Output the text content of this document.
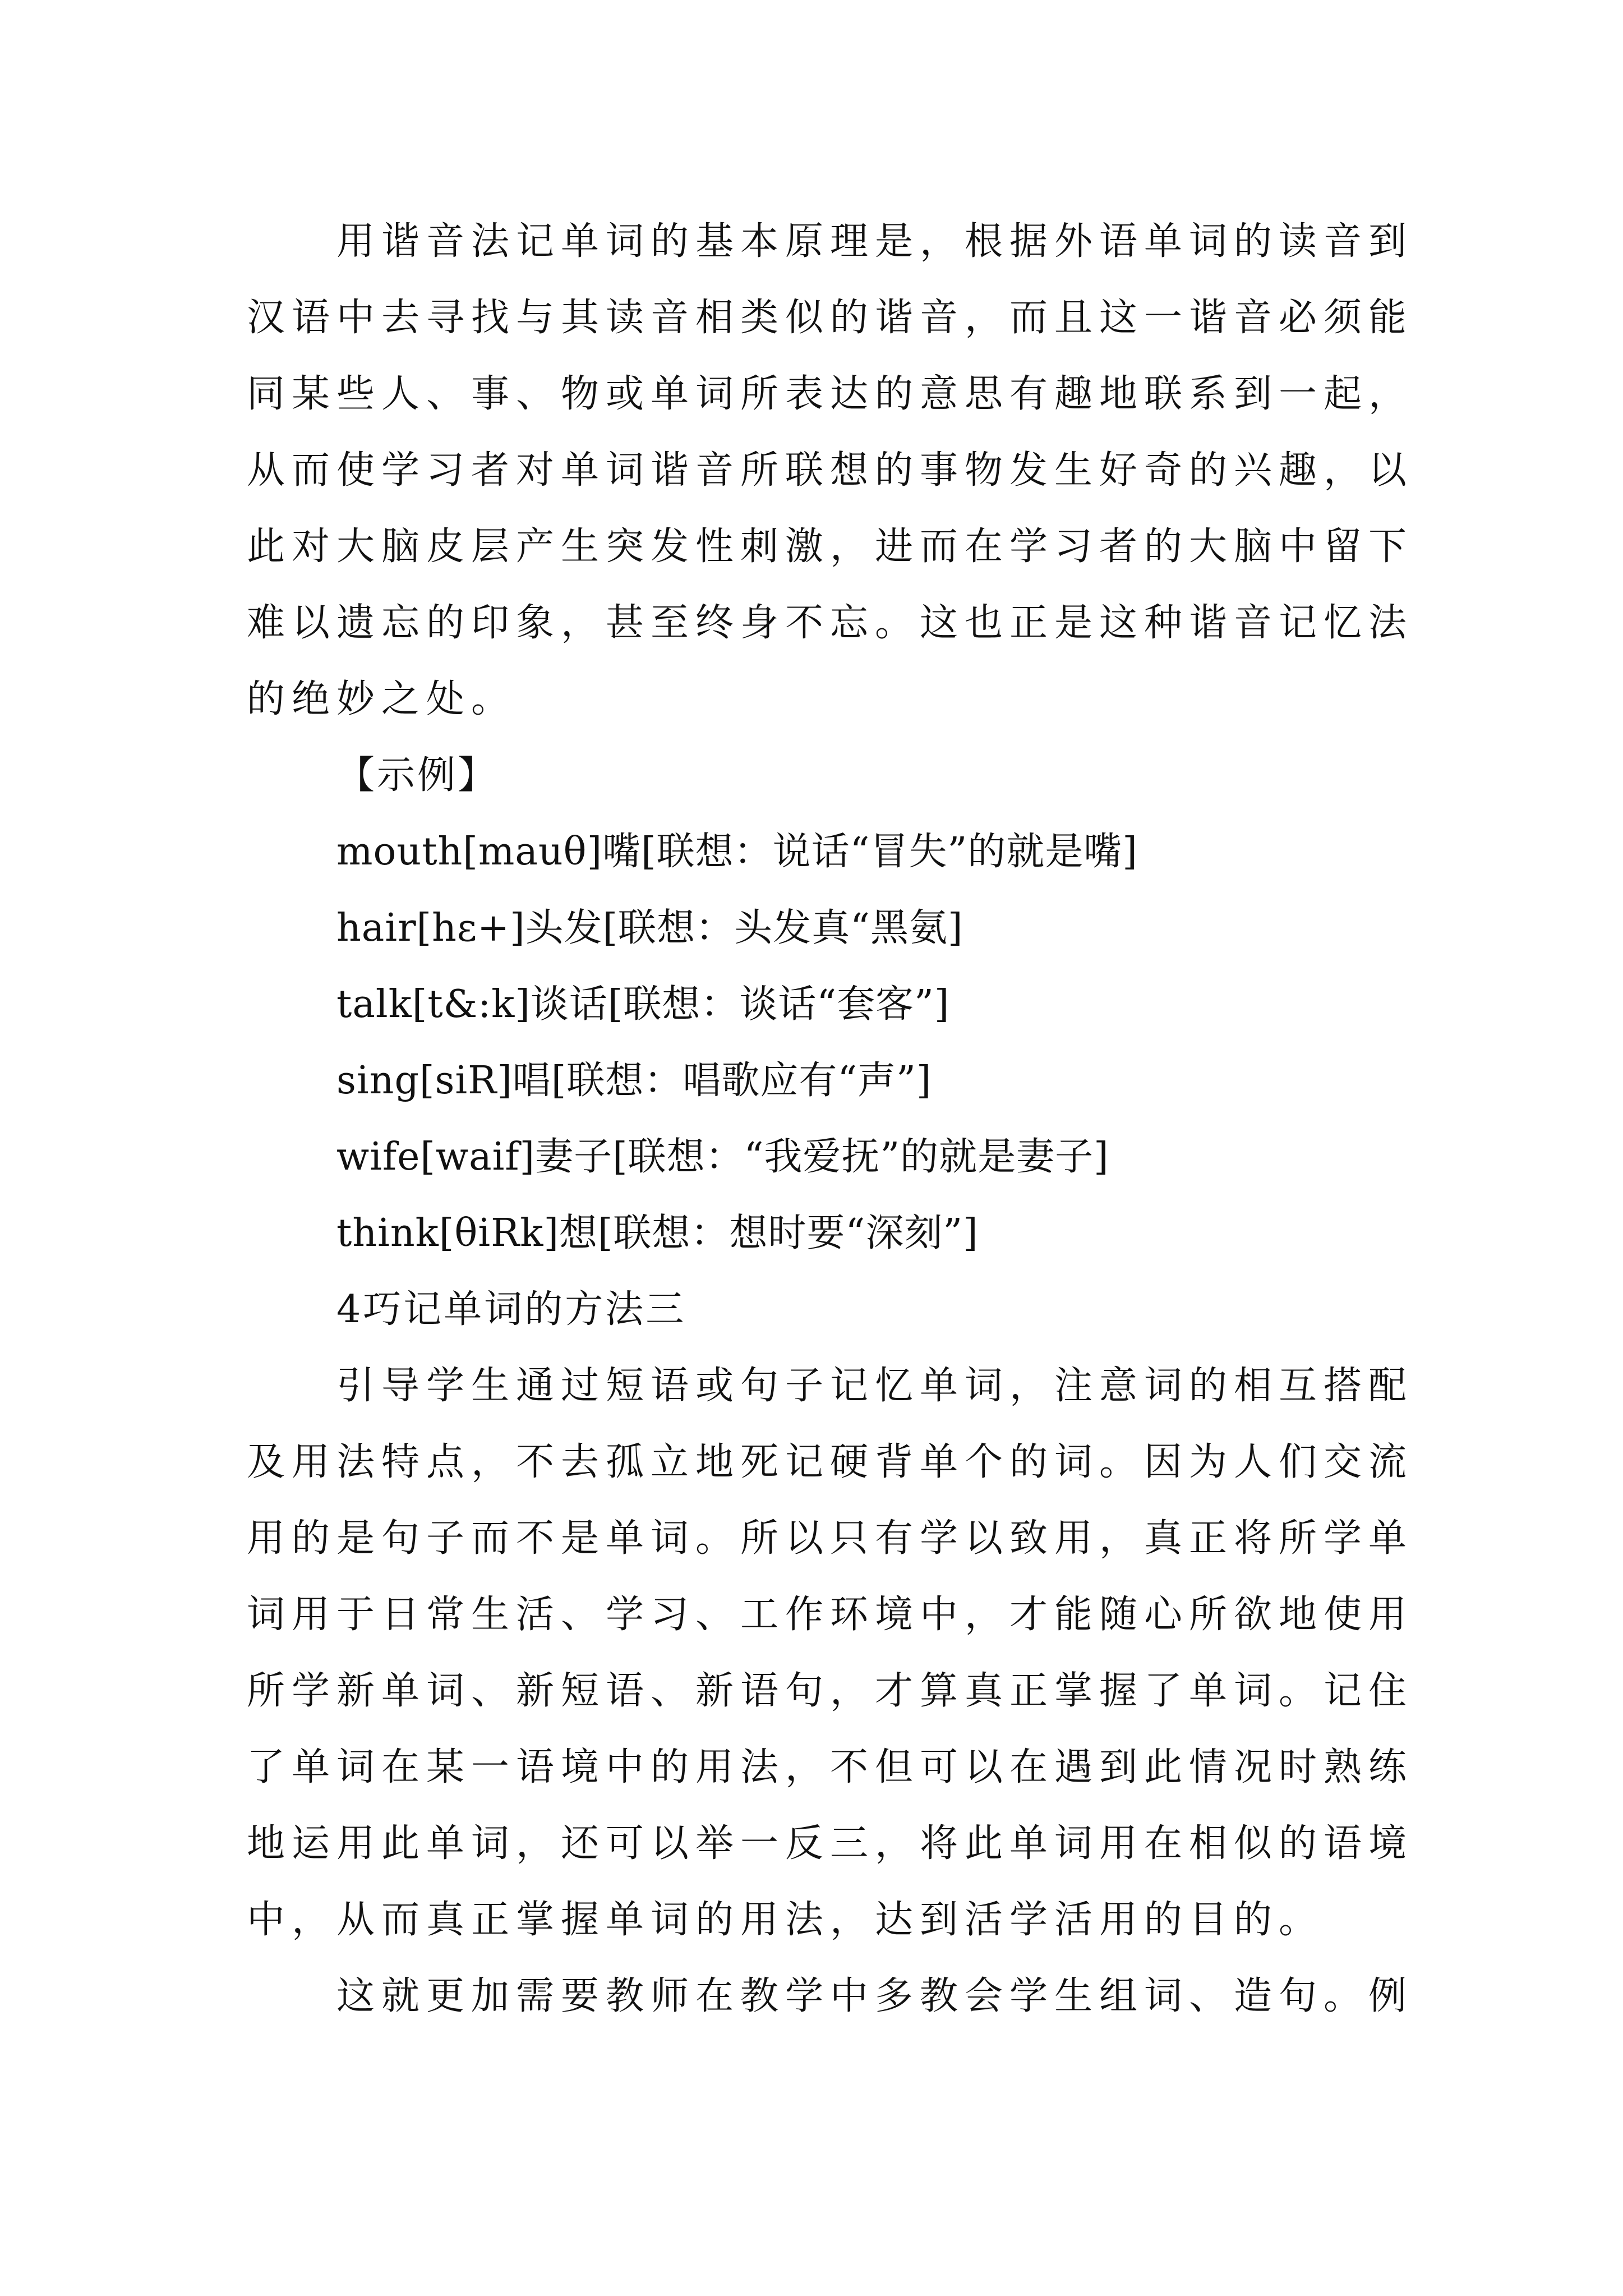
用谐音法记单词的基本原理是，根据外语单词的读音到
汉语中去寻找与其读音相类似的谐音，而且这一谐音必须能
同某些人、事、物或单词所表达的意思有趣地联系到一起，
从而使学习者对单词谐音所联想的事物发生好奇的兴趣，以
此对大脑皮层产生突发性刺激，进而在学习者的大脑中留下
难以遗忘的印象，甚至终身不忘。这也正是这种谐音记忆法
的绝妙之处。
【示例】
mouth[mauθ]嘴[联想：说话“冒失”的就是嘴]
hair[hε+]头发[联想：头发真“黑氨]
talk[t&:k]谈话[联想：谈话“套客”]
sing[siR]唱[联想：唱歌应有“声”]
wife[waif]妻子[联想：“我爱抚”的就是妻子]
think[θiRk]想[联想：想时要“深刻”]
4巧记单词的方法三
引导学生通过短语或句子记忆单词，注意词的相互搭配
及用法特点，不去孤立地死记硬背单个的词。因为人们交流
用的是句子而不是单词。所以只有学以致用，真正将所学单
词用于日常生活、学习、工作环境中，才能随心所欲地使用
所学新单词、新短语、新语句，才算真正掌握了单词。记住
了单词在某一语境中的用法，不但可以在遇到此情况时熟练
地运用此单词，还可以举一反三，将此单词用在相似的语境
中，从而真正掌握单词的用法，达到活学活用的目的。
这就更加需要教师在教学中多教会学生组词、造句。例
